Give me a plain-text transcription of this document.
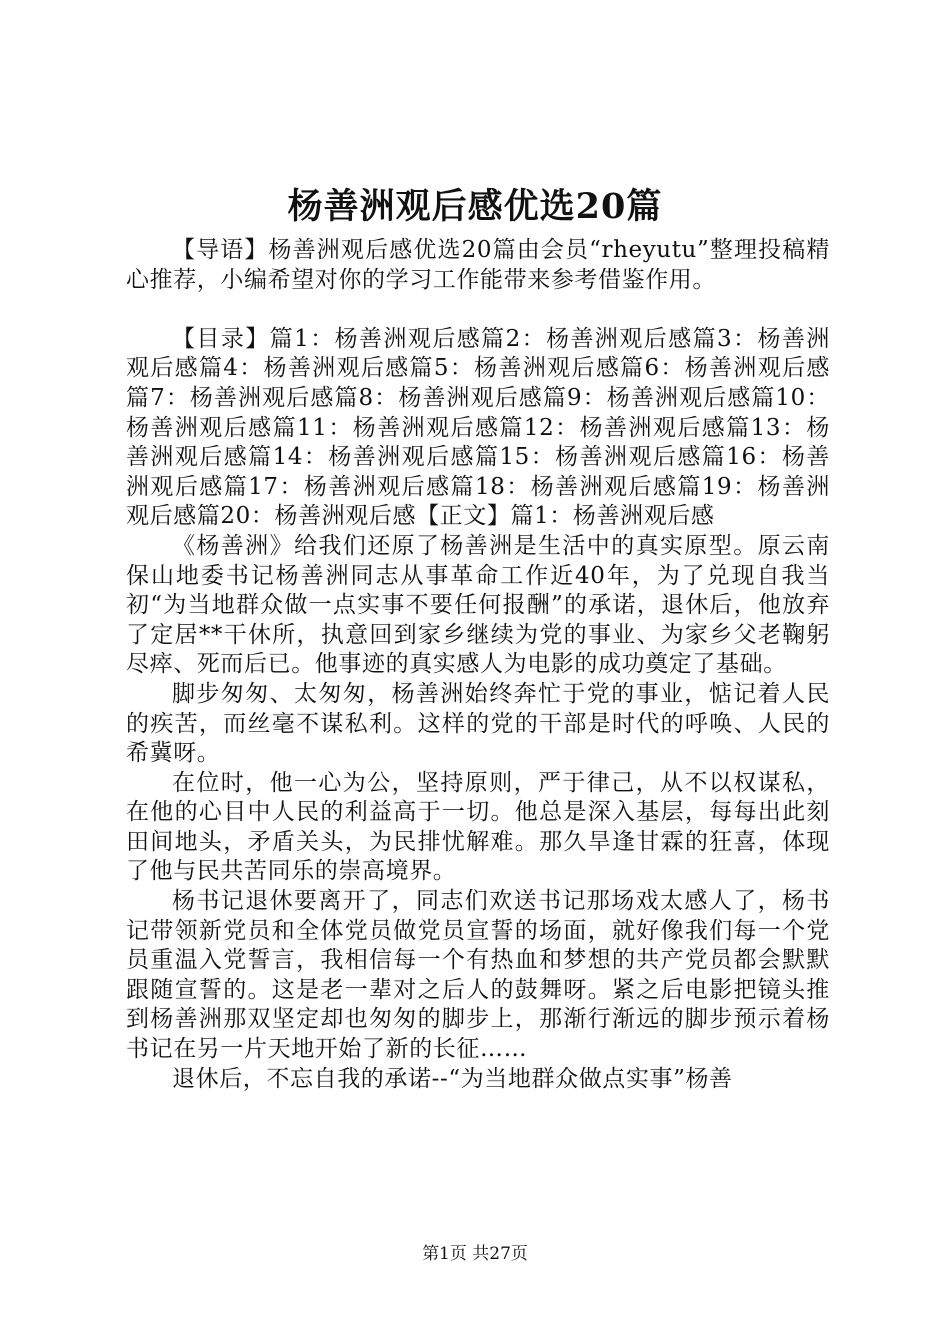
杨善洲观后感优选20篇

【导语】杨善洲观后感优选20篇由会员“rheyutu”整理投稿精心推荐，小编希望对你的学习工作能带来参考借鉴作用。

【目录】篇1：杨善洲观后感篇2：杨善洲观后感篇3：杨善洲观后感篇4：杨善洲观后感篇5：杨善洲观后感篇6：杨善洲观后感篇7：杨善洲观后感篇8：杨善洲观后感篇9：杨善洲观后感篇10：杨善洲观后感篇11：杨善洲观后感篇12：杨善洲观后感篇13：杨善洲观后感篇14：杨善洲观后感篇15：杨善洲观后感篇16：杨善洲观后感篇17：杨善洲观后感篇18：杨善洲观后感篇19：杨善洲观后感篇20：杨善洲观后感【正文】篇1：杨善洲观后感

《杨善洲》给我们还原了杨善洲是生活中的真实原型。原云南保山地委书记杨善洲同志从事革命工作近40年，为了兑现自我当初“为当地群众做一点实事不要任何报酬”的承诺，退休后，他放弃了定居**干休所，执意回到家乡继续为党的事业、为家乡父老鞠躬尽瘁、死而后已。他事迹的真实感人为电影的成功奠定了基础。

脚步匆匆、太匆匆，杨善洲始终奔忙于党的事业，惦记着人民的疾苦，而丝毫不谋私利。这样的党的干部是时代的呼唤、人民的希冀呀。

在位时，他一心为公，坚持原则，严于律己，从不以权谋私，在他的心目中人民的利益高于一切。他总是深入基层，每每出此刻田间地头，矛盾关头，为民排忧解难。那久旱逢甘霖的狂喜，体现了他与民共苦同乐的崇高境界。

杨书记退休要离开了，同志们欢送书记那场戏太感人了，杨书记带领新党员和全体党员做党员宣誓的场面，就好像我们每一个党员重温入党誓言，我相信每一个有热血和梦想的共产党员都会默默跟随宣誓的。这是老一辈对之后人的鼓舞呀。紧之后电影把镜头推到杨善洲那双坚定却也匆匆的脚步上，那渐行渐远的脚步预示着杨书记在另一片天地开始了新的长征……

退休后，不忘自我的承诺--“为当地群众做点实事”杨善

第1页 共27页
